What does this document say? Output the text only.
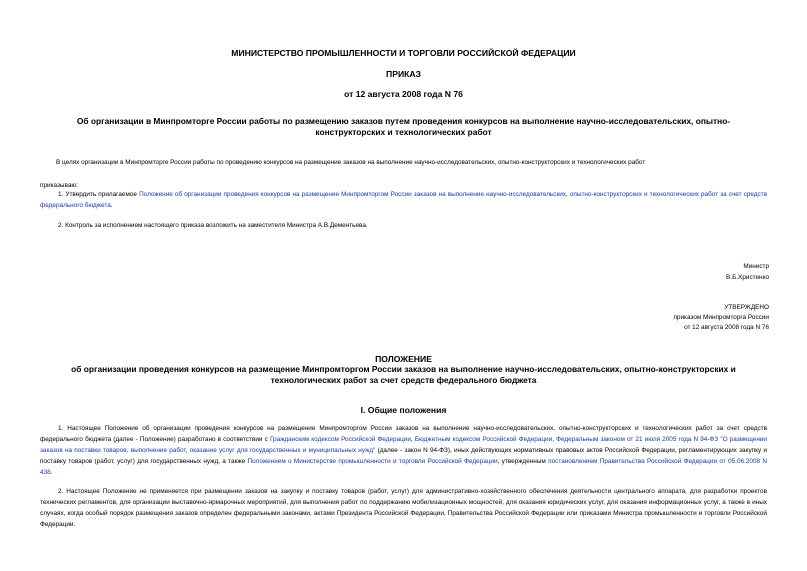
МИНИСТЕРСТВО ПРОМЫШЛЕННОСТИ И ТОРГОВЛИ РОССИЙСКОЙ ФЕДЕРАЦИИ
ПРИКАЗ
от 12 августа 2008 года N 76
Об организации в Минпромторге России работы по размещению заказов путем проведения конкурсов на выполнение научно-исследовательских, опытно-конструкторских и технологических работ
В целях организации в Минпромторге России работы по проведению конкурсов на размещение заказов на выполнение научно-исследовательских, опытно-конструкторских и технологических работ
приказываю:
1. Утвердить прилагаемое Положение об организации проведения конкурсов на размещение Минпромторгом России заказов на выполнение научно-исследовательских, опытно-конструкторских и технологических работ за счет средств федерального бюджета.
2. Контроль за исполнением настоящего приказа возложить на заместителя Министра А.В.Дементьева.
Министр
В.Б.Христенко
УТВЕРЖДЕНО
приказом Минпромторга России
от 12 августа 2008 года N 76
ПОЛОЖЕНИЕ
об организации проведения конкурсов на размещение Минпромторгом России заказов на выполнение научно-исследовательских, опытно-конструкторских и технологических работ за счет средств федерального бюджета
I. Общие положения
1. Настоящее Положение об организации проведения конкурсов на размещение Минпромторгом России заказов на выполнение научно-исследовательских, опытно-конструкторских и технологических работ за счет средств федерального бюджета (далее - Положение) разработано в соответствии с Гражданским кодексом Российской Федерации, Бюджетным кодексом Российской Федерации, Федеральным законом от 21 июля 2005 года N 94-ФЗ "О размещении заказов на поставки товаров, выполнение работ, оказание услуг для государственных и муниципальных нужд" (далее - закон N 94-ФЗ), иных действующих нормативных правовых актов Российской Федерации, регламентирующих закупку и поставку товаров (работ, услуг) для государственных нужд, а также Положением о Министерстве промышленности и торговли Российской Федерации, утвержденным постановлением Правительства Российской Федерации от 05.06.2008 N 438.
2. Настоящее Положение не применяется при размещении заказов на закупку и поставку товаров (работ, услуг) для административно-хозяйственного обеспечения деятельности центрального аппарата, для разработки проектов технических регламентов, для организации выставочно-ярмарочных мероприятий, для выполнения работ по поддержанию мобилизационных мощностей, для оказания юридических услуг, для оказания информационных услуг, а также в иных случаях, когда особый порядок размещения заказов определен федеральными законами, актами Президента Российской Федерации, Правительства Российской Федерации или приказами Министра промышленности и торговли Российской Федерации.
